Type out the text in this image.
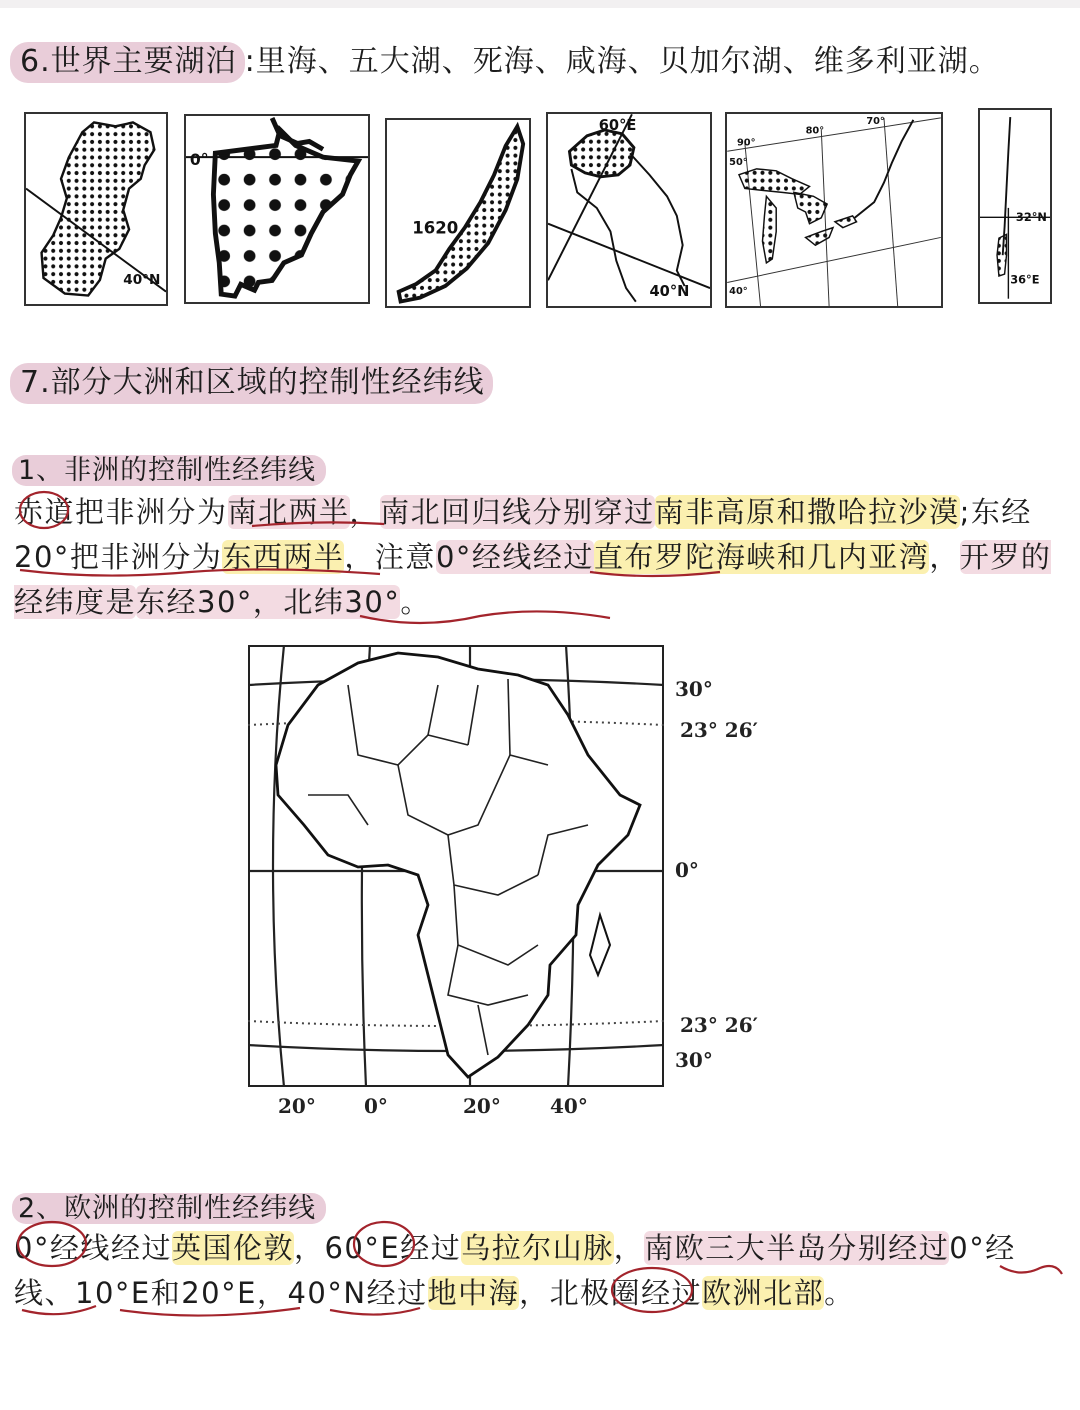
6.世界主要湖泊 :里海、五大湖、死海、咸海、贝加尔湖、维多利亚湖。
40°N
0°
1620
60°E
40°N
90°
80°
70°
50°
40°
32°N
36°E
7.部分大洲和区域的控制性经纬线
1、非洲的控制性经纬线

赤道把非洲分为南北两半，南北回归线分别穿过南非高原和撒哈拉沙漠;东经20°把非洲分为东西两半，注意0°经线经过直布罗陀海峡和几内亚湾，开罗的经纬度是东经30°，北纬30°。

30°
23° 26′
0°
23° 26′
30°
20° 0°	20° 40°
2、欧洲的控制性经纬线

0°经线经过英国伦敦，60°E经过乌拉尔山脉，南欧三大半岛分别经过0°经线、10°E和20°E，40°N经过地中海，北极圈经过欧洲北部。
